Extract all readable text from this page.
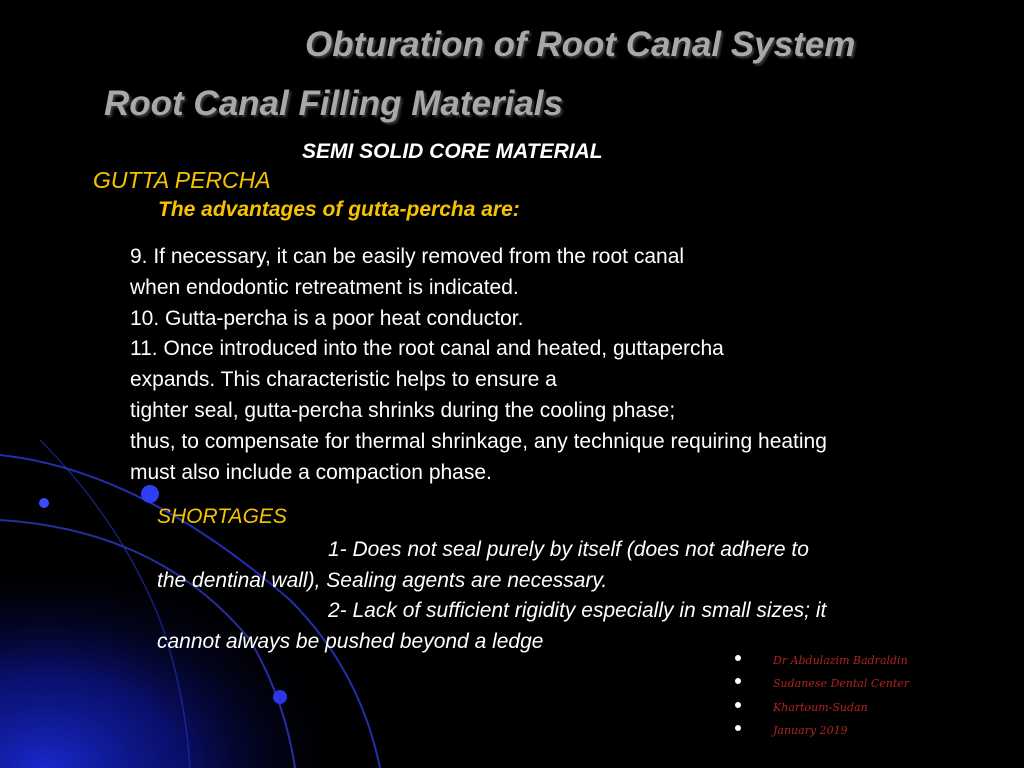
Obturation of Root Canal System
Root Canal Filling Materials
SEMI SOLID CORE MATERIAL
GUTTA PERCHA
The advantages of gutta-percha are:
9. If necessary, it can be easily removed from the root canal
when endodontic retreatment is indicated.
10. Gutta-percha is a poor heat conductor.
11. Once introduced into the root canal and heated, guttapercha
expands. This characteristic helps to ensure a
tighter seal, gutta-percha shrinks during the cooling phase;
thus, to compensate for thermal shrinkage, any technique requiring heating
must also include a compaction phase.
SHORTAGES
1- Does not seal purely by itself (does not adhere to
the dentinal wall), Sealing agents are necessary.
2- Lack of sufficient rigidity especially in small sizes; it
cannot always be pushed beyond a ledge
Dr Abdulazim Badraldin
Sudanese Dental Center
Khartoum-Sudan
January 2019
